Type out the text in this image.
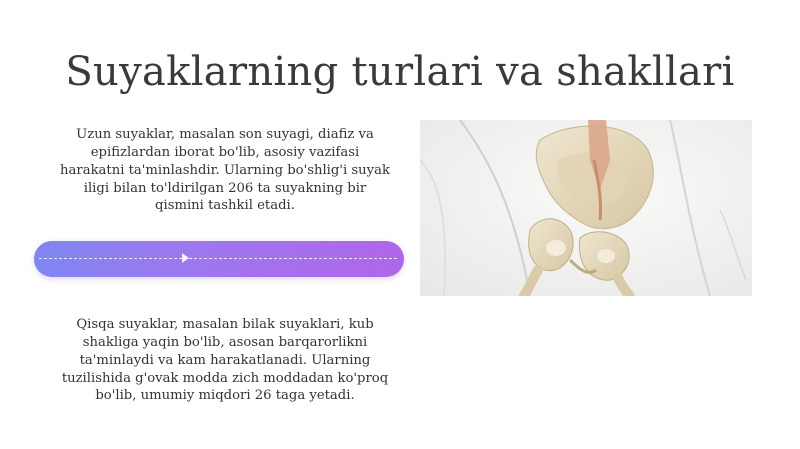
Suyaklarning turlari va shakllari

Uzun suyaklar, masalan son suyagi, diafiz va epifizlardan iborat bo'lib, asosiy vazifasi harakatni ta'minlashdir. Ularning bo'shlig'i suyak iligi bilan to'ldirilgan 206 ta suyakning bir qismini tashkil etadi.

Qisqa suyaklar, masalan bilak suyaklari, kub shakliga yaqin bo'lib, asosan barqarorlikni ta'minlaydi va kam harakatlanadi. Ularning tuzilishida g'ovak modda zich moddadan ko'proq bo'lib, umumiy miqdori 26 taga yetadi.
